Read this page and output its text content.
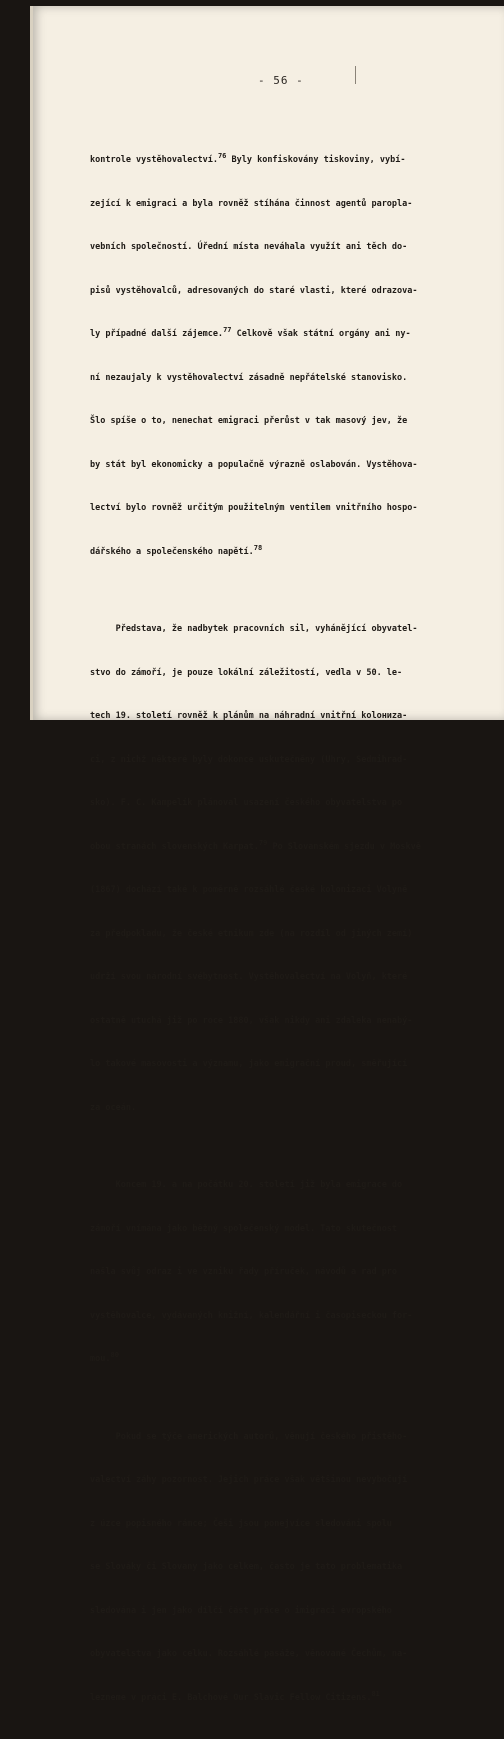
- 56 -

kontrole vystěhovalectví.$^{76}$ Byly konfiskovány tiskoviny, vybí-

zející k emigraci a byla rovněž stíhána činnost agentů paropla-

vebních společností. Úřední místa neváhala využít ani těch do-

pisů vystěhovalců, adresovaných do staré vlasti, které odrazova-

ly případné další zájemce.$^{77}$ Celkově však státní orgány ani ny-

ní nezaujaly k vystěhovalectví zásadně nepřátelské stanovisko.

Šlo spíše o to, nenechat emigraci přerůst v tak masový jev, že

by stát byl ekonomicky a populačně výrazně oslabován. Vystěhova-

lectví bylo rovněž určitým použitelným ventilem vnitřního hospo-

dářského a společenského napětí.$^{78}$

Představa, že nadbytek pracovních sil, vyhánějící obyvatel-

stvo do zámoří, je pouze lokální záležitostí, vedla v 50. le-

tech 19. století rovněž k plánům na náhradní vnitřní kolониza-

ci, z nichž některé byly dokonce uskutečněny (Uhry, Sedmihrad-

sko). F. C. Kampelík plánoval usazení českého obyvatelstva po

obou stranách slovenských Karpat.$^{79}$ Po Slovanském sjezdu v Moskvě

(1867) dochází také k poměrně rozsáhlé české kolonizaci Volyně

za předpokladu, že české etnikum zde (na rozdíl od jiných zemí)

udrží svou národní svébytnost. Vystěhovalectví na Volyň, které

ostatně utuchá již po roce 1880, však nikdy ani zdaleka nenabý-

lo takové masovosti a významu, jako emigrační proud, směřující

za oceán.

Koncem 19. a na počátku 20. století již byla emigrace do

zámoří vnímána jako běžný společenský model. Tato skutečnost

našla svůj odraz i ve vzniku řady příruček, návodů a rad pro

vystěhovalce, vydávaných knižní, kalendářní i časopiseckou for-

mou.$^{80}$

Pokud se týče amerických autorů, věnují českého přistěho-

valectví záhy pozornost. Jejich práce však většinou nevybočují

z úzce popisného rámce; Češi jsou ponejvíce sledováni spolu

se Slováky či Slovany jako celkem, často je tato problematika

sledována i jen jako dílčí část práce o imigraci evropského

obyvatelstva jako celku. Rozsáhlé pasáže, věnované Čechům, na-

lezneme v práci E. Balchové Our Slavic Fellow Citizens.$^{81}$
